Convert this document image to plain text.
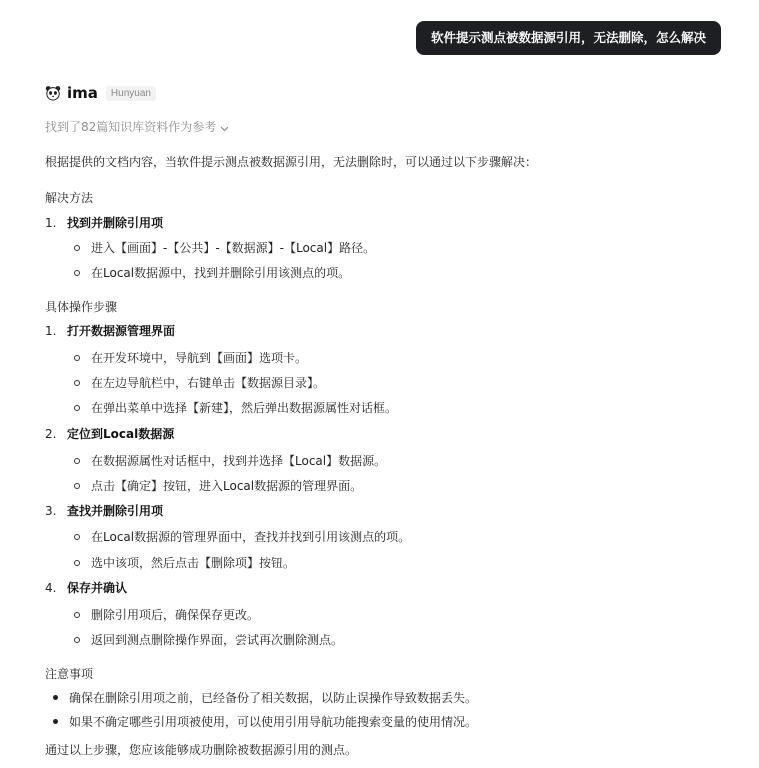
软件提示测点被数据源引用，无法删除，怎么解决
ima	Hunyuan
找到了82篇知识库资料作为参考
根据提供的文档内容，当软件提示测点被数据源引用，无法删除时，可以通过以下步骤解决：
解决方法
1. 找到并删除引用项
进入【画面】-【公共】-【数据源】-【Local】路径。
在Local数据源中，找到并删除引用该测点的项。
具体操作步骤
1. 打开数据源管理界面
在开发环境中，导航到【画面】选项卡。
在左边导航栏中，右键单击【数据源目录】。
在弹出菜单中选择【新建】，然后弹出数据源属性对话框。
2. 定位到Local数据源
在数据源属性对话框中，找到并选择【Local】数据源。
点击【确定】按钮，进入Local数据源的管理界面。
3. 查找并删除引用项
在Local数据源的管理界面中，查找并找到引用该测点的项。
选中该项，然后点击【删除项】按钮。
4. 保存并确认
删除引用项后，确保保存更改。
返回到测点删除操作界面，尝试再次删除测点。
注意事项
确保在删除引用项之前，已经备份了相关数据，以防止误操作导致数据丢失。
如果不确定哪些引用项被使用，可以使用引用导航功能搜索变量的使用情况。
通过以上步骤，您应该能够成功删除被数据源引用的测点。
